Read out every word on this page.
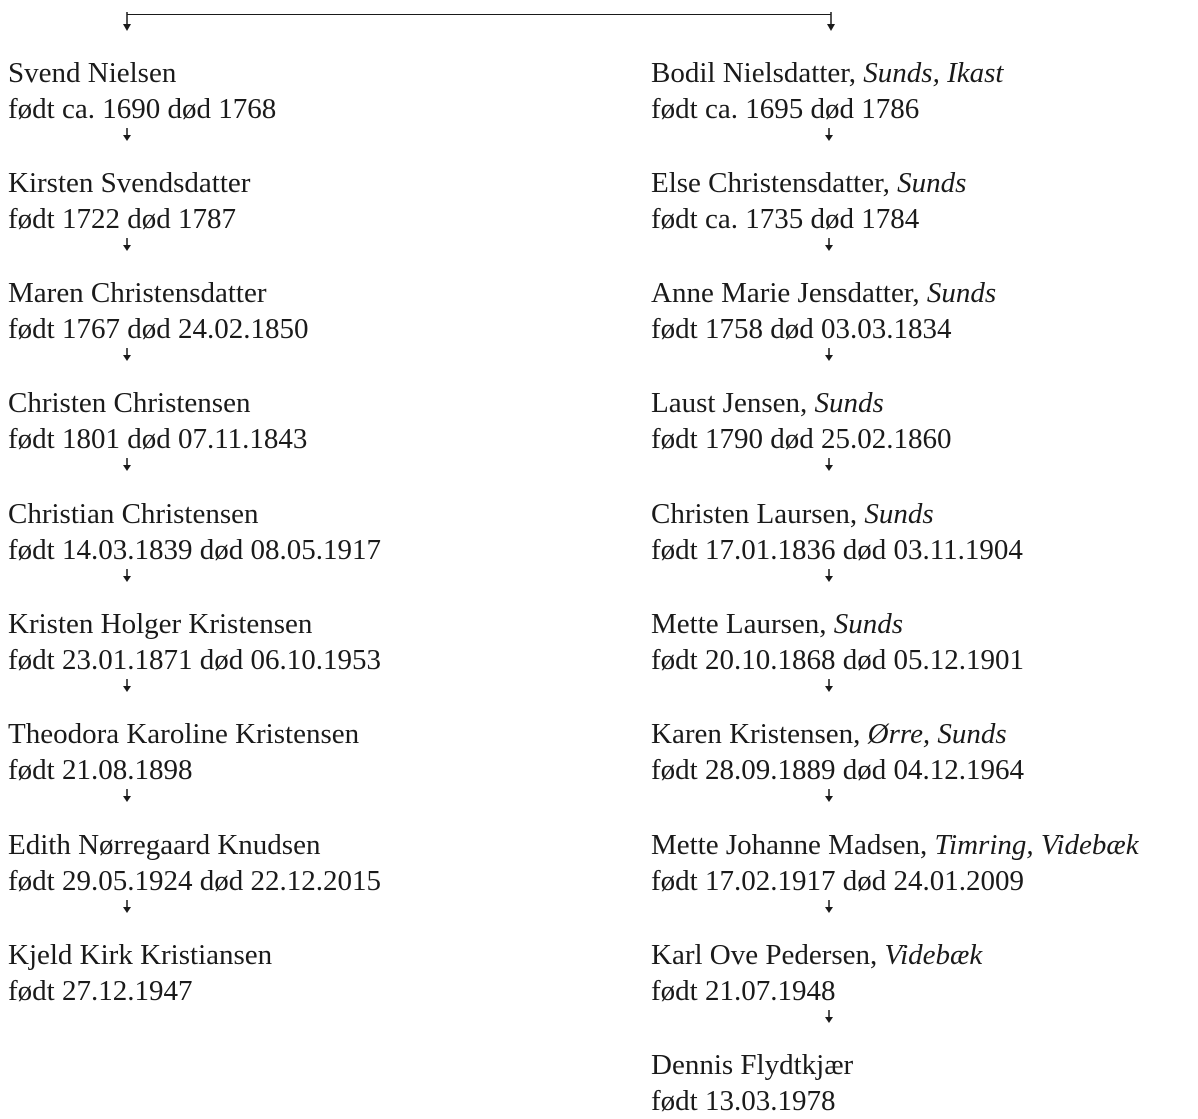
Svend Nielsen
født ca. 1690 død 1768
Kirsten Svendsdatter
født 1722 død 1787
Maren Christensdatter
født 1767 død 24.02.1850
Christen Christensen
født 1801 død 07.11.1843
Christian Christensen
født 14.03.1839 død 08.05.1917
Kristen Holger Kristensen
født 23.01.1871 død 06.10.1953
Theodora Karoline Kristensen
født 21.08.1898
Edith Nørregaard Knudsen
født 29.05.1924 død 22.12.2015
Kjeld Kirk Kristiansen
født 27.12.1947
Bodil Nielsdatter, Sunds, Ikast
født ca. 1695 død 1786
Else Christensdatter, Sunds
født ca. 1735 død 1784
Anne Marie Jensdatter, Sunds
født 1758 død 03.03.1834
Laust Jensen, Sunds
født 1790 død 25.02.1860
Christen Laursen, Sunds
født 17.01.1836 død 03.11.1904
Mette Laursen, Sunds
født 20.10.1868 død 05.12.1901
Karen Kristensen, Ørre, Sunds
født 28.09.1889 død 04.12.1964
Mette Johanne Madsen, Timring, Videbæk
født 17.02.1917 død 24.01.2009
Karl Ove Pedersen, Videbæk
født 21.07.1948
Dennis Flydtkjær
født 13.03.1978
